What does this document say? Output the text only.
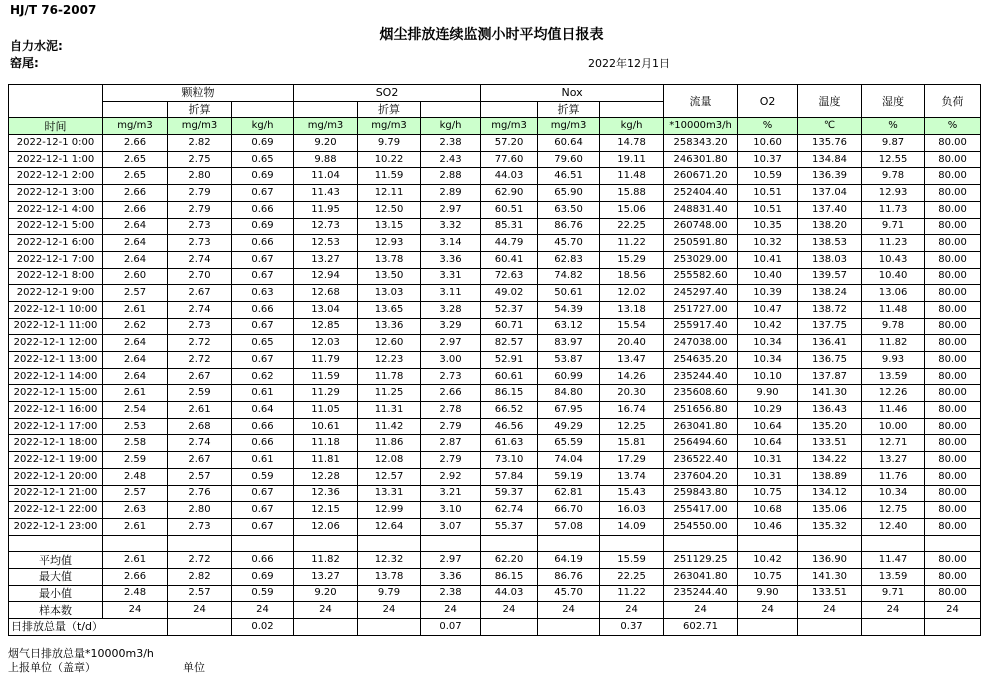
HJ/T 76-2007
烟尘排放连续监测小时平均值日报表
自力水泥:
窑尾:	2022年12月1日
	颗粒物			SO2			Nox			流量	O2	温度	湿度	负荷
		折算			折算			折算						
时间	mg/m3	mg/m3	kg/h	mg/m3	mg/m3	kg/h	mg/m3	mg/m3	kg/h	*10000m3/h	%	℃	%	%
2022-12-1 0:00	2.66	2.82	0.69	9.20	9.79	2.38	57.20	60.64	14.78	258343.20	10.60	135.76	9.87	80.00
2022-12-1 1:00	2.65	2.75	0.65	9.88	10.22	2.43	77.60	79.60	19.11	246301.80	10.37	134.84	12.55	80.00
2022-12-1 2:00	2.65	2.80	0.69	11.04	11.59	2.88	44.03	46.51	11.48	260671.20	10.59	136.39	9.78	80.00
2022-12-1 3:00	2.66	2.79	0.67	11.43	12.11	2.89	62.90	65.90	15.88	252404.40	10.51	137.04	12.93	80.00
2022-12-1 4:00	2.66	2.79	0.66	11.95	12.50	2.97	60.51	63.50	15.06	248831.40	10.51	137.40	11.73	80.00
2022-12-1 5:00	2.64	2.73	0.69	12.73	13.15	3.32	85.31	86.76	22.25	260748.00	10.35	138.20	9.71	80.00
2022-12-1 6:00	2.64	2.73	0.66	12.53	12.93	3.14	44.79	45.70	11.22	250591.80	10.32	138.53	11.23	80.00
2022-12-1 7:00	2.64	2.74	0.67	13.27	13.78	3.36	60.41	62.83	15.29	253029.00	10.41	138.03	10.43	80.00
2022-12-1 8:00	2.60	2.70	0.67	12.94	13.50	3.31	72.63	74.82	18.56	255582.60	10.40	139.57	10.40	80.00
2022-12-1 9:00	2.57	2.67	0.63	12.68	13.03	3.11	49.02	50.61	12.02	245297.40	10.39	138.24	13.06	80.00
2022-12-1 10:00	2.61	2.74	0.66	13.04	13.65	3.28	52.37	54.39	13.18	251727.00	10.47	138.72	11.48	80.00
2022-12-1 11:00	2.62	2.73	0.67	12.85	13.36	3.29	60.71	63.12	15.54	255917.40	10.42	137.75	9.78	80.00
2022-12-1 12:00	2.64	2.72	0.65	12.03	12.60	2.97	82.57	83.97	20.40	247038.00	10.34	136.41	11.82	80.00
2022-12-1 13:00	2.64	2.72	0.67	11.79	12.23	3.00	52.91	53.87	13.47	254635.20	10.34	136.75	9.93	80.00
2022-12-1 14:00	2.64	2.67	0.62	11.59	11.78	2.73	60.61	60.99	14.26	235244.40	10.10	137.87	13.59	80.00
2022-12-1 15:00	2.61	2.59	0.61	11.29	11.25	2.66	86.15	84.80	20.30	235608.60	9.90	141.30	12.26	80.00
2022-12-1 16:00	2.54	2.61	0.64	11.05	11.31	2.78	66.52	67.95	16.74	251656.80	10.29	136.43	11.46	80.00
2022-12-1 17:00	2.53	2.68	0.66	10.61	11.42	2.79	46.56	49.29	12.25	263041.80	10.64	135.20	10.00	80.00
2022-12-1 18:00	2.58	2.74	0.66	11.18	11.86	2.87	61.63	65.59	15.81	256494.60	10.64	133.51	12.71	80.00
2022-12-1 19:00	2.59	2.67	0.61	11.81	12.08	2.79	73.10	74.04	17.29	236522.40	10.31	134.22	13.27	80.00
2022-12-1 20:00	2.48	2.57	0.59	12.28	12.57	2.92	57.84	59.19	13.74	237604.20	10.31	138.89	11.76	80.00
2022-12-1 21:00	2.57	2.76	0.67	12.36	13.31	3.21	59.37	62.81	15.43	259843.80	10.75	134.12	10.34	80.00
2022-12-1 22:00	2.63	2.80	0.67	12.15	12.99	3.10	62.74	66.70	16.03	255417.00	10.68	135.06	12.75	80.00
2022-12-1 23:00	2.61	2.73	0.67	12.06	12.64	3.07	55.37	57.08	14.09	254550.00	10.46	135.32	12.40	80.00

平均值	2.61	2.72	0.66	11.82	12.32	2.97	62.20	64.19	15.59	251129.25	10.42	136.90	11.47	80.00
最大值	2.66	2.82	0.69	13.27	13.78	3.36	86.15	86.76	22.25	263041.80	10.75	141.30	13.59	80.00
最小值	2.48	2.57	0.59	9.20	9.79	2.38	44.03	45.70	11.22	235244.40	9.90	133.51	9.71	80.00
样本数	24	24	24	24	24	24	24	24	24	24	24	24	24	24
日排放总量（t/d）			0.02			0.07			0.37	602.71				
烟气日排放总量*10000m3/h
上报单位（盖章）	单位
